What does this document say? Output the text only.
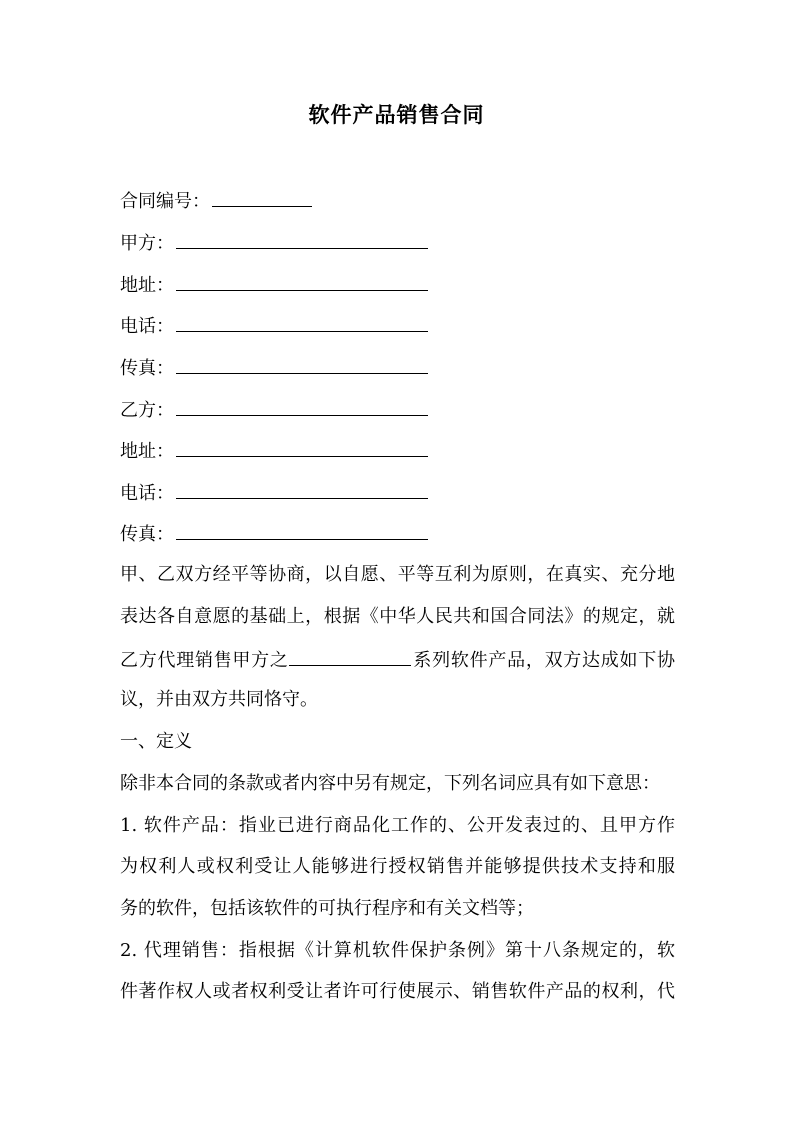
软件产品销售合同
合同编号：
甲方：
地址：
电话：
传真：
乙方：
地址：
电话：
传真：
甲、乙双方经平等协商，以自愿、平等互利为原则，在真实、充分地
表达各自意愿的基础上，根据《中华人民共和国合同法》的规定，就
乙方代理销售甲方之	系列软件产品，双方达成如下协
议，并由双方共同恪守。
一、定义
除非本合同的条款或者内容中另有规定，下列名词应具有如下意思：
1. 软件产品：指业已进行商品化工作的、公开发表过的、且甲方作
为权利人或权利受让人能够进行授权销售并能够提供技术支持和服
务的软件，包括该软件的可执行程序和有关文档等；
2. 代理销售：指根据《计算机软件保护条例》第十八条规定的，软
件著作权人或者权利受让者许可行使展示、销售软件产品的权利，代
